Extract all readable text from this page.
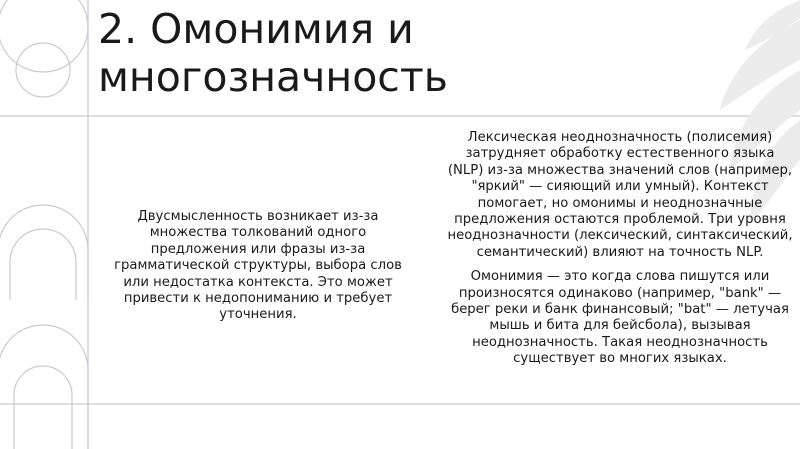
2. Омонимия и многозначность

Двусмысленность возникает из-за множества толкований одного предложения или фразы из-за грамматической структуры, выбора слов или недостатка контекста. Это может привести к недопониманию и требует уточнения.

Лексическая неоднозначность (полисемия) затрудняет обработку естественного языка (NLP) из-за множества значений слов (например, "яркий" — сияющий или умный). Контекст помогает, но омонимы и неоднозначные предложения остаются проблемой. Три уровня неоднозначности (лексический, синтаксический, семантический) влияют на точность NLP.

Омонимия — это когда слова пишутся или произносятся одинаково (например, "bank" — берег реки и банк финансовый; "bat" — летучая мышь и бита для бейсбола), вызывая неоднозначность. Такая неоднозначность существует во многих языках.
